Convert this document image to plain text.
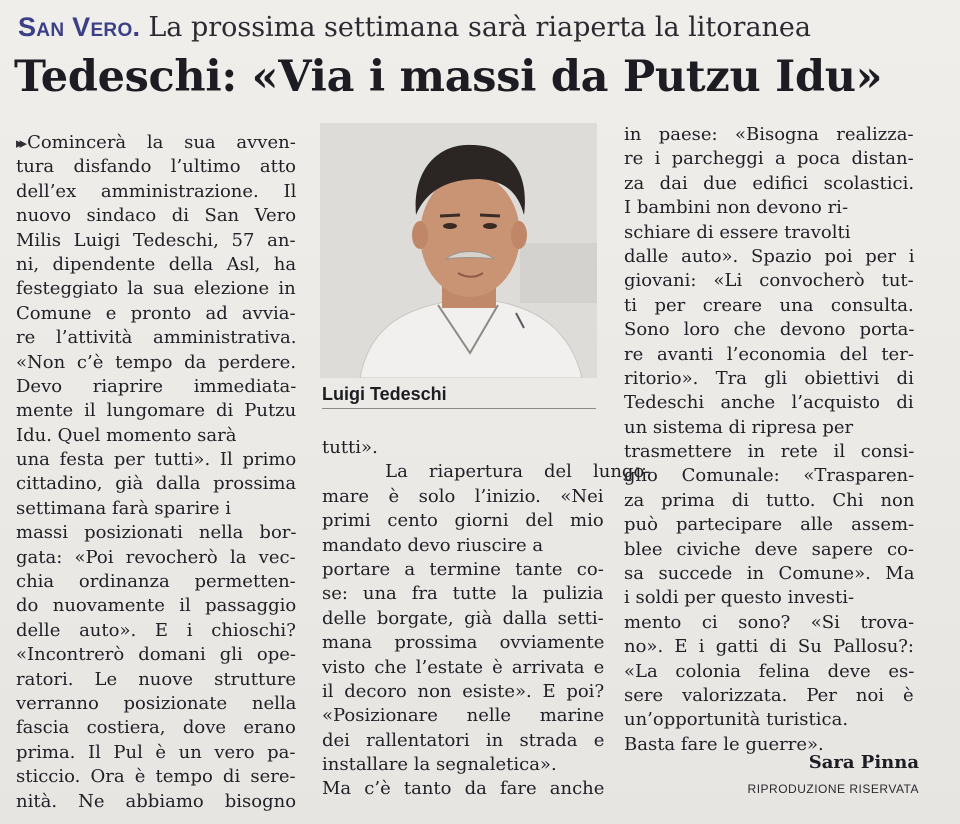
San Vero. La prossima settimana sarà riaperta la litoranea
Tedeschi: «Via i massi da Putzu Idu»
▸▸ Comincerà la sua avven-
tura disfando l’ultimo atto
dell’ex amministrazione. Il
nuovo sindaco di San Vero
Milis Luigi Tedeschi, 57 an-
ni, dipendente della Asl, ha
festeggiato la sua elezione in
Comune e pronto ad avvia-
re l’attività amministrativa.
«Non c’è tempo da perdere.
Devo riaprire immediata-
mente il lungomare di Putzu
Idu. Quel momento sarà
una festa per tutti». Il primo
cittadino, già dalla prossima
settimana farà sparire i
massi posizionati nella bor-
gata: «Poi revocherò la vec-
chia ordinanza permetten-
do nuovamente il passaggio
delle auto». E i chioschi?
«Incontrerò domani gli ope-
ratori. Le nuove strutture
verranno posizionate nella
fascia costiera, dove erano
prima. Il Pul è un vero pa-
sticcio. Ora è tempo di sere-
nità. Ne abbiamo bisogno
Luigi Tedeschi
tutti».
La riapertura del lungo-
mare è solo l’inizio. «Nei
primi cento giorni del mio
mandato devo riuscire a
portare a termine tante co-
se: una fra tutte la pulizia
delle borgate, già dalla setti-
mana prossima ovviamente
visto che l’estate è arrivata e
il decoro non esiste». E poi?
«Posizionare nelle marine
dei rallentatori in strada e
installare la segnaletica».
Ma c’è tanto da fare anche
in paese: «Bisogna realizza-
re i parcheggi a poca distan-
za dai due edifici scolastici.
I bambini non devono ri-
schiare di essere travolti
dalle auto». Spazio poi per i
giovani: «Li convocherò tut-
ti per creare una consulta.
Sono loro che devono porta-
re avanti l’economia del ter-
ritorio». Tra gli obiettivi di
Tedeschi anche l’acquisto di
un sistema di ripresa per
trasmettere in rete il consi-
glio Comunale: «Trasparen-
za prima di tutto. Chi non
può partecipare alle assem-
blee civiche deve sapere co-
sa succede in Comune». Ma
i soldi per questo investi-
mento ci sono? «Si trova-
no». E i gatti di Su Pallosu?:
«La colonia felina deve es-
sere valorizzata. Per noi è
un’opportunità turistica.
Basta fare le guerre».
Sara Pinna
RIPRODUZIONE RISERVATA
